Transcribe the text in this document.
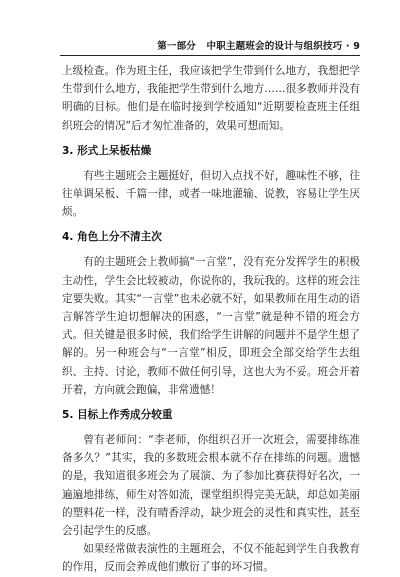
第一部分 中职主题班会的设计与组织技巧 · 9

上级检查。作为班主任，我应该把学生带到什么地方，我想把学生带到什么地方，我能把学生带到什么地方……很多教师并没有明确的目标。他们是在临时接到学校通知“近期要检查班主任组织班会的情况”后才匆忙准备的，效果可想而知。

3. 形式上呆板枯燥

有些主题班会主题挺好，但切入点找不好，趣味性不够，往往单调呆板、千篇一律，或者一味地灌输、说教，容易让学生厌烦。

4. 角色上分不清主次

有的主题班会上教师搞“一言堂”，没有充分发挥学生的积极主动性，学生会比较被动，你说你的，我玩我的。这样的班会注定要失败。其实“一言堂”也未必就不好，如果教师在用生动的语言解答学生迫切想解决的困惑，“一言堂”就是种不错的班会方式。但关键是很多时候，我们给学生讲解的问题并不是学生想了解的。另一种班会与“一言堂”相反，即班会全部交给学生去组织、主持、讨论，教师不做任何引导，这也大为不妥。班会开着开着，方向就会跑偏，非常遗憾！

5. 目标上作秀成分较重

曾有老师问：“李老师，你组织召开一次班会，需要排练准备多久？”其实，我的多数班会根本就不存在排练的问题。遗憾的是，我知道很多班会为了展演、为了参加比赛获得好名次，一遍遍地排练，师生对答如流，课堂组织得完美无缺，却总如美丽的塑料花一样，没有晴香浮动，缺少班会的灵性和真实性，甚至会引起学生的反感。

如果经常做表演性的主题班会，不仅不能起到学生自我教育的作用，反而会养成他们敷衍了事的坏习惯。
